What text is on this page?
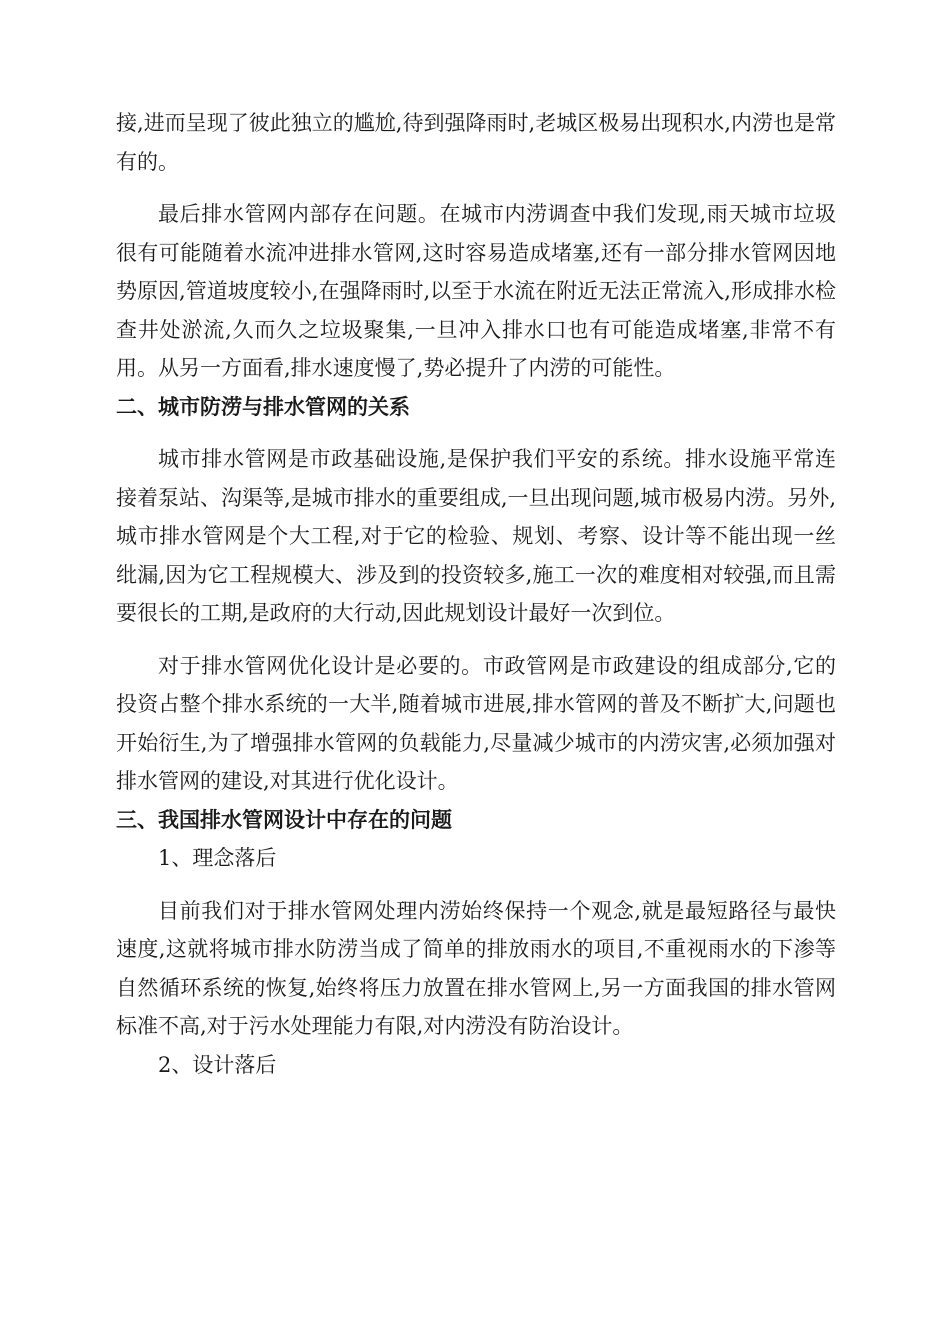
接,进而呈现了彼此独立的尴尬,待到强降雨时,老城区极易出现积水,内涝也是常有的。

最后排水管网内部存在问题。在城市内涝调查中我们发现,雨天城市垃圾很有可能随着水流冲进排水管网,这时容易造成堵塞,还有一部分排水管网因地势原因,管道坡度较小,在强降雨时,以至于水流在附近无法正常流入,形成排水检查井处淤流,久而久之垃圾聚集,一旦冲入排水口也有可能造成堵塞,非常不有用。从另一方面看,排水速度慢了,势必提升了内涝的可能性。

二、城市防涝与排水管网的关系

城市排水管网是市政基础设施,是保护我们平安的系统。排水设施平常连接着泵站、沟渠等,是城市排水的重要组成,一旦出现问题,城市极易内涝。另外,城市排水管网是个大工程,对于它的检验、规划、考察、设计等不能出现一丝纰漏,因为它工程规模大、涉及到的投资较多,施工一次的难度相对较强,而且需要很长的工期,是政府的大行动,因此规划设计最好一次到位。

对于排水管网优化设计是必要的。市政管网是市政建设的组成部分,它的投资占整个排水系统的一大半,随着城市进展,排水管网的普及不断扩大,问题也开始衍生,为了增强排水管网的负载能力,尽量减少城市的内涝灾害,必须加强对排水管网的建设,对其进行优化设计。

三、我国排水管网设计中存在的问题

1、理念落后

目前我们对于排水管网处理内涝始终保持一个观念,就是最短路径与最快速度,这就将城市排水防涝当成了简单的排放雨水的项目,不重视雨水的下渗等自然循环系统的恢复,始终将压力放置在排水管网上,另一方面我国的排水管网标准不高,对于污水处理能力有限,对内涝没有防治设计。

2、设计落后
